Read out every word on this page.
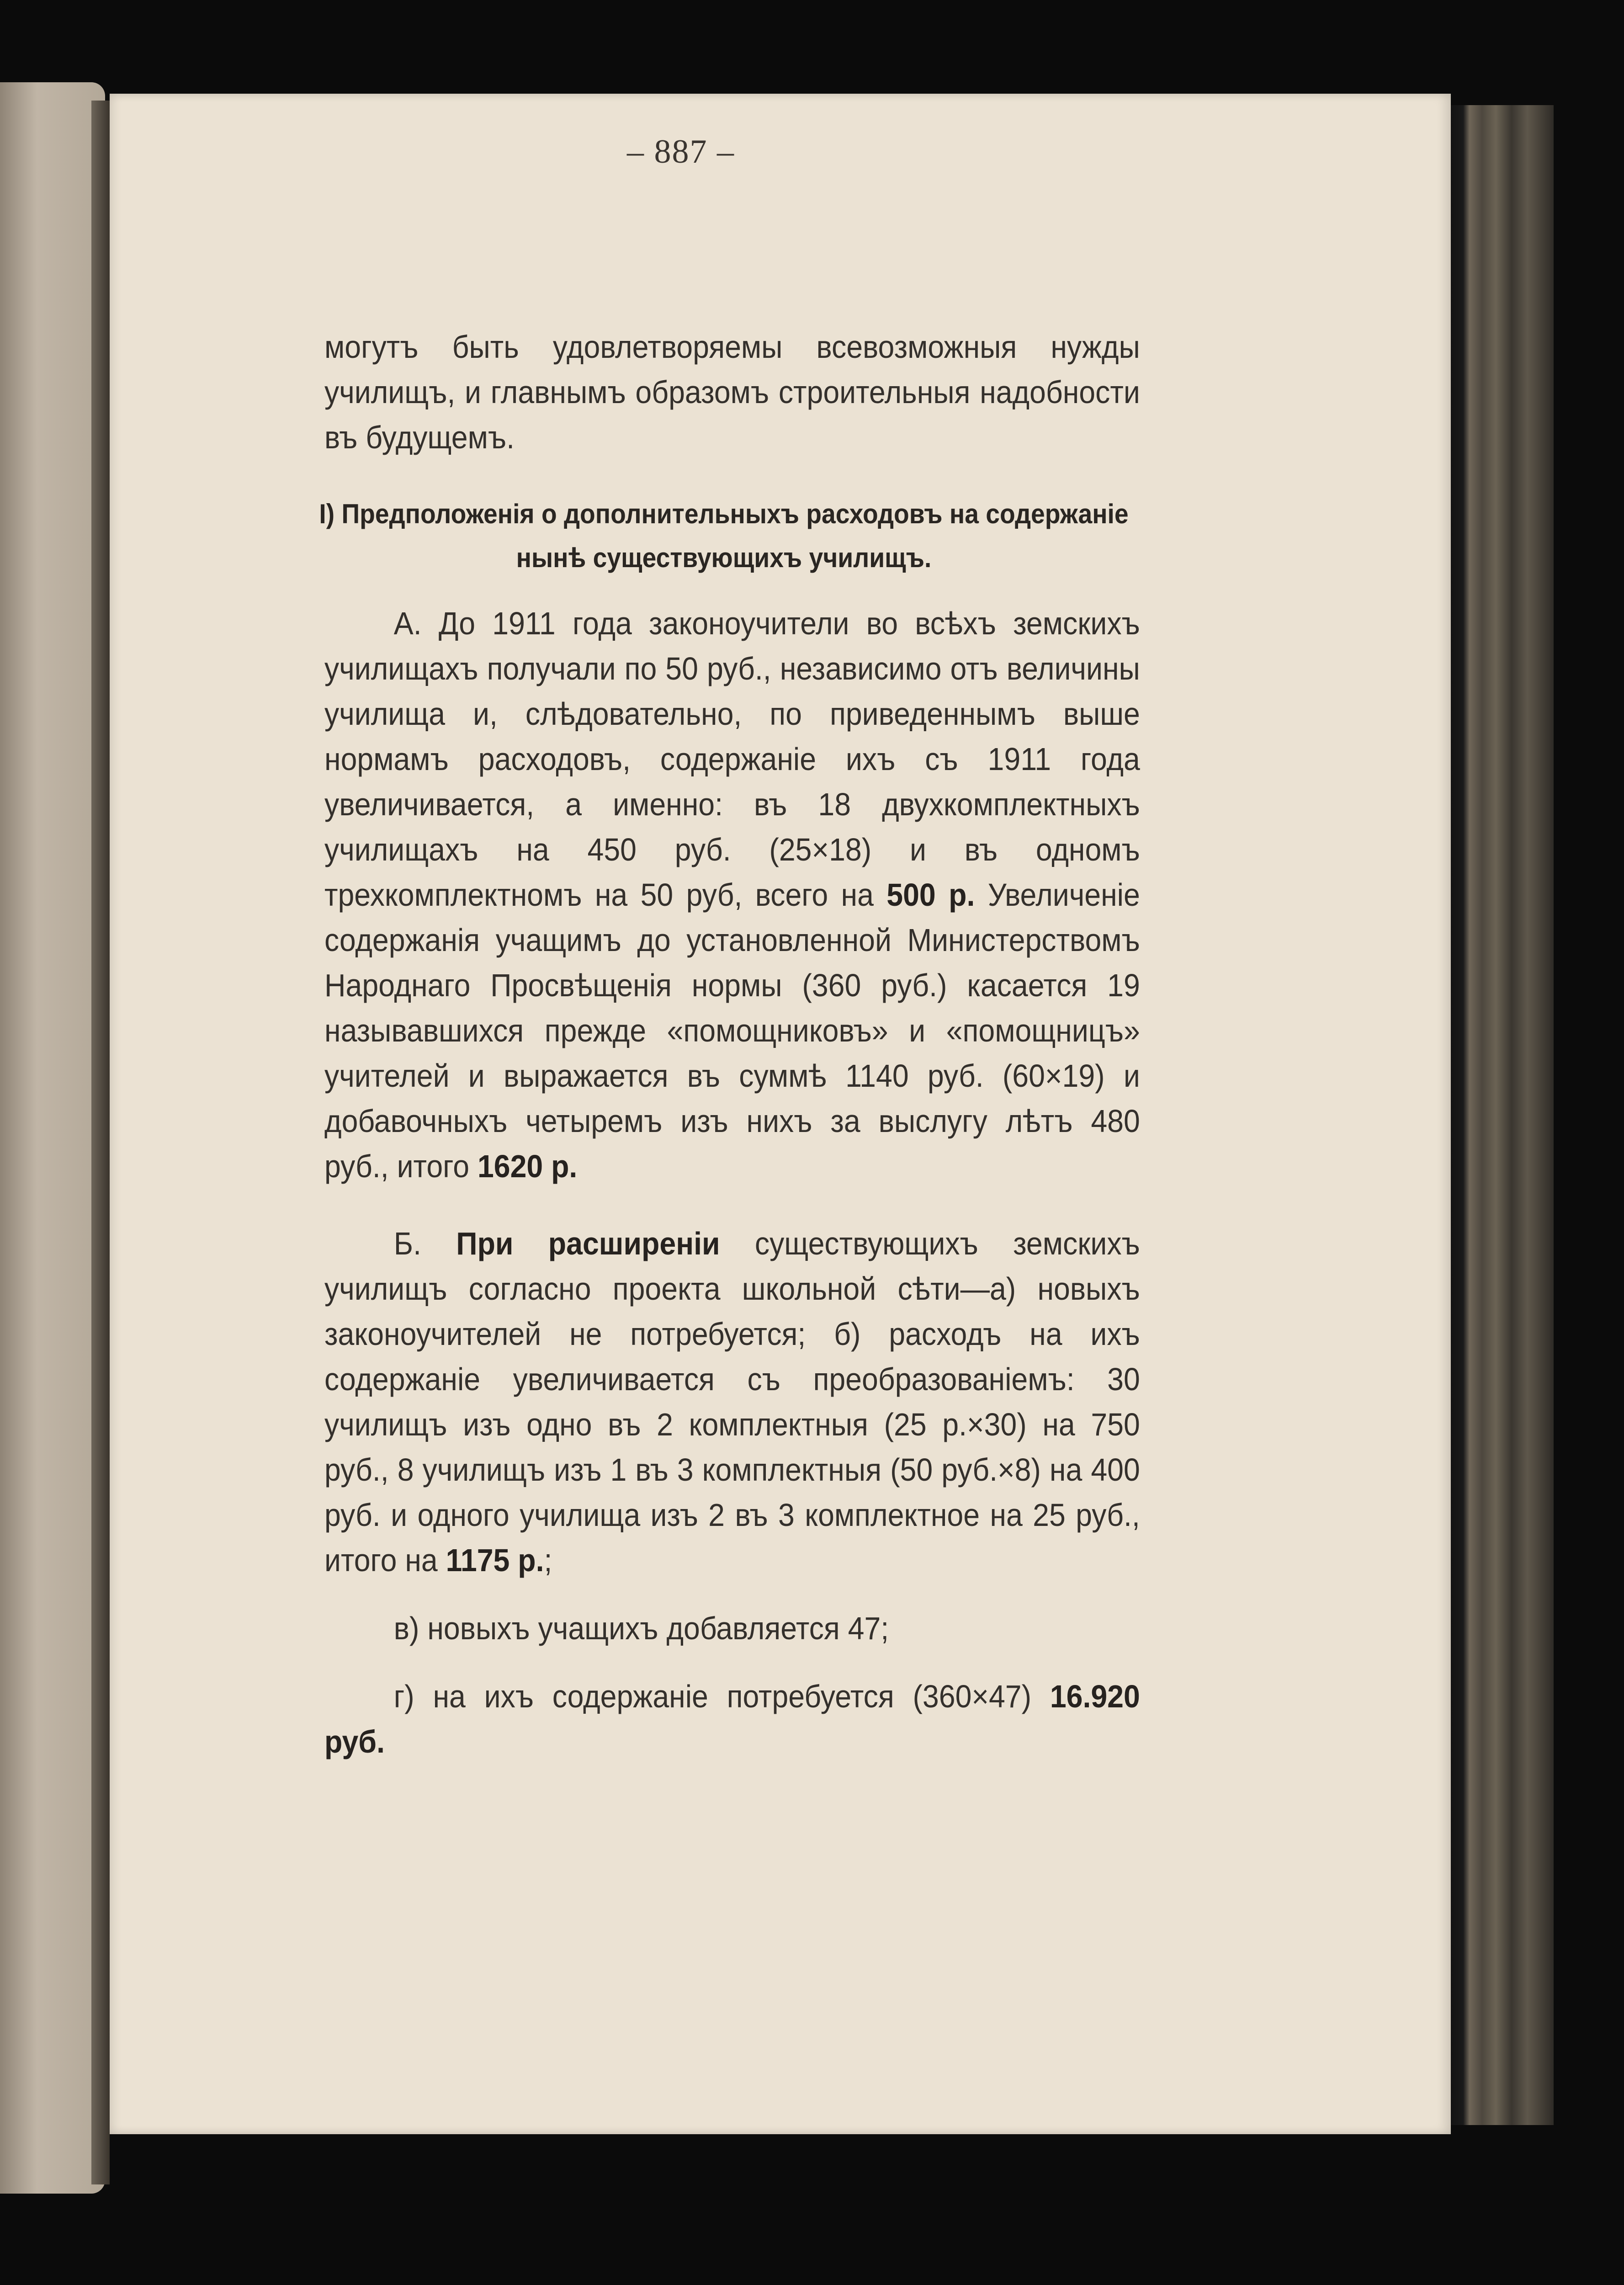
– 887 –

могутъ быть удовлетворяемы всевозможныя нужды училищъ, и главнымъ образомъ строительныя надобности въ будущемъ.

I) Предположенія о дополнительныхъ расходовъ на содержаніе
нынѣ существующихъ училищъ.

А. До 1911 года законоучители во всѣхъ земскихъ училищахъ получали по 50 руб., независимо отъ величины училища и, слѣдовательно, по приведеннымъ выше нормамъ расходовъ, содержаніе ихъ съ 1911 года увеличивается, а именно: въ 18 двухкомплектныхъ училищахъ на 450 руб. (25×18) и въ одномъ трехкомплектномъ на 50 руб, всего на 500 р. Увеличеніе содержанія учащимъ до установленной Министерствомъ Народнаго Просвѣщенія нормы (360 руб.) касается 19 называвшихся прежде «помощниковъ» и «помощницъ» учителей и выражается въ суммѣ 1140 руб. (60×19) и добавочныхъ четыремъ изъ нихъ за выслугу лѣтъ 480 руб., итого 1620 р.

Б. При расширеніи существующихъ земскихъ училищъ согласно проекта школьной сѣти—а) новыхъ законоучителей не потребуется; б) расходъ на ихъ содержаніе увеличивается съ преобразованіемъ: 30 училищъ изъ одно въ 2 комплектныя (25 р.×30) на 750 руб., 8 училищъ изъ 1 въ 3 комплектныя (50 руб.×8) на 400 руб. и одного училища изъ 2 въ 3 комплектное на 25 руб., итого на 1175 р.;

в) новыхъ учащихъ добавляется 47;

г) на ихъ содержаніе потребуется (360×47) 16.920 руб.
